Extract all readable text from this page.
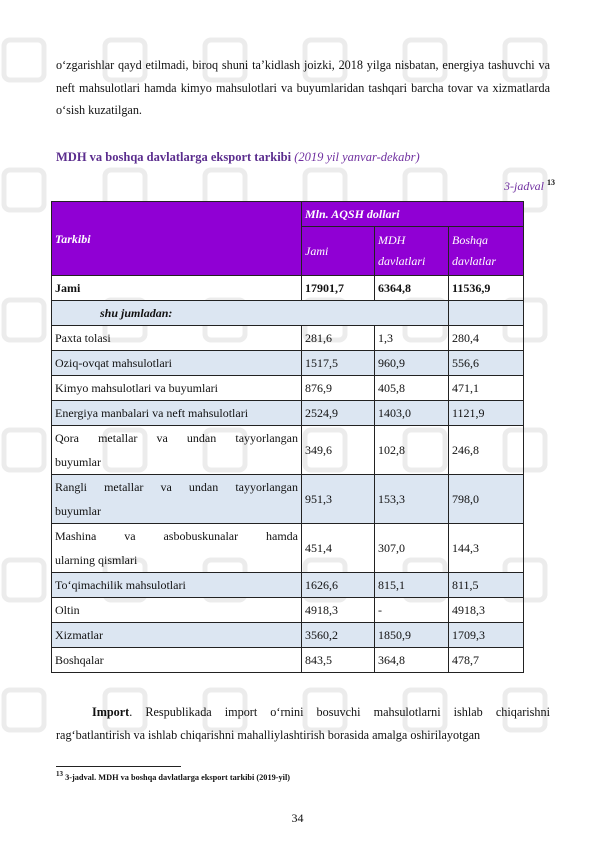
o‘zgarishlar qayd etilmadi, biroq shuni ta’kidlash joizki, 2018 yilga nisbatan, energiya tashuvchi va neft mahsulotlari hamda kimyo mahsulotlari va buyumlaridan tashqari barcha tovar va xizmatlarda o‘sish kuzatilgan.
MDH va boshqa davlatlarga eksport tarkibi (2019 yil yanvar-dekabr)
3-jadval $^{13}$
Tarkibi	Mln. AQSH dollari		
	Jami	MDH davlatlari	Boshqa davlatlar
Jami	17901,7	6364,8	11536,9
shu jumladan:			
Paxta tolasi	281,6	1,3	280,4
Oziq-ovqat mahsulotlari	1517,5	960,9	556,6
Kimyo mahsulotlari va buyumlari	876,9	405,8	471,1
Energiya manbalari va neft mahsulotlari	2524,9	1403,0	1121,9

Qora metallar va undan tayyorlangan
buyumlar	349,6	102,8	246,8

Rangli metallar va undan tayyorlangan
buyumlar	951,3	153,3	798,0

Mashina va asbobuskunalar hamda
ularning qismlari	451,4	307,0	144,3
To‘qimachilik mahsulotlari	1626,6	815,1	811,5
Oltin	4918,3	-	4918,3
Xizmatlar	3560,2	1850,9	1709,3
Boshqalar	843,5	364,8	478,7
Import. Respublikada import o‘rnini bosuvchi mahsulotlarni ishlab chiqarishni rag‘batlantirish va ishlab chiqarishni mahalliylashtirish borasida amalga oshirilayotgan
$^{13}$ 3-jadval. MDH va boshqa davlatlarga eksport tarkibi (2019-yil)
34
